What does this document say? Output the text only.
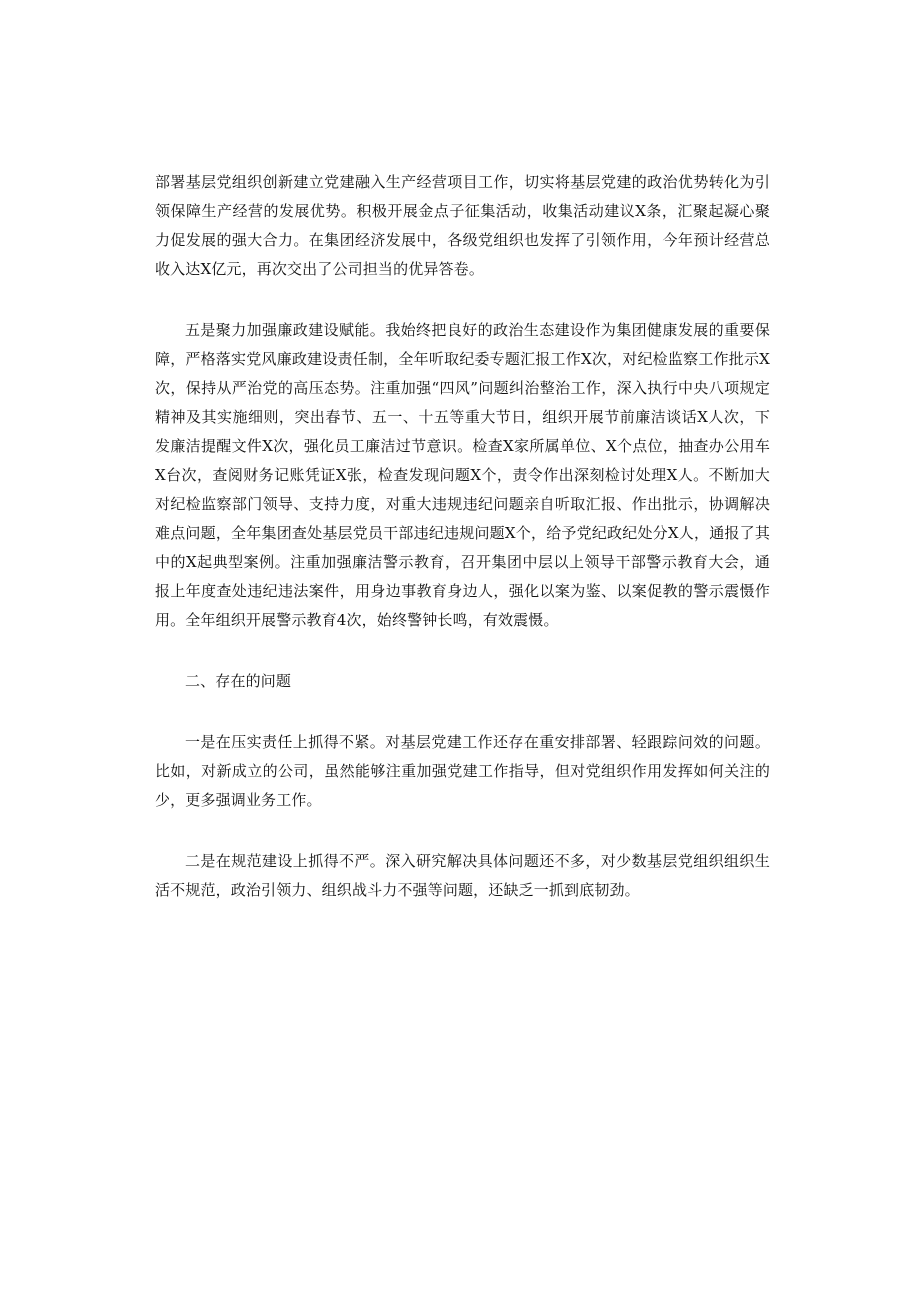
部署基层党组织创新建立党建融入生产经营项目工作，切实将基层党建的政治优势转化为引领保障生产经营的发展优势。积极开展金点子征集活动，收集活动建议X条，汇聚起凝心聚力促发展的强大合力。在集团经济发展中，各级党组织也发挥了引领作用，今年预计经营总收入达X亿元，再次交出了公司担当的优异答卷。

五是聚力加强廉政建设赋能。我始终把良好的政治生态建设作为集团健康发展的重要保障，严格落实党风廉政建设责任制，全年听取纪委专题汇报工作X次，对纪检监察工作批示X次，保持从严治党的高压态势。注重加强“四风”问题纠治整治工作，深入执行中央八项规定精神及其实施细则，突出春节、五一、十五等重大节日，组织开展节前廉洁谈话X人次，下发廉洁提醒文件X次，强化员工廉洁过节意识。检查X家所属单位、X个点位，抽查办公用车X台次，查阅财务记账凭证X张，检查发现问题X个，责令作出深刻检讨处理X人。不断加大对纪检监察部门领导、支持力度，对重大违规违纪问题亲自听取汇报、作出批示，协调解决难点问题，全年集团查处基层党员干部违纪违规问题X个，给予党纪政纪处分X人，通报了其中的X起典型案例。注重加强廉洁警示教育，召开集团中层以上领导干部警示教育大会，通报上年度查处违纪违法案件，用身边事教育身边人，强化以案为鉴、以案促教的警示震慑作用。全年组织开展警示教育4次，始终警钟长鸣，有效震慑。

二、存在的问题

一是在压实责任上抓得不紧。对基层党建工作还存在重安排部署、轻跟踪问效的问题。比如，对新成立的公司，虽然能够注重加强党建工作指导，但对党组织作用发挥如何关注的少，更多强调业务工作。

二是在规范建设上抓得不严。深入研究解决具体问题还不多，对少数基层党组织组织生活不规范，政治引领力、组织战斗力不强等问题，还缺乏一抓到底韧劲。
